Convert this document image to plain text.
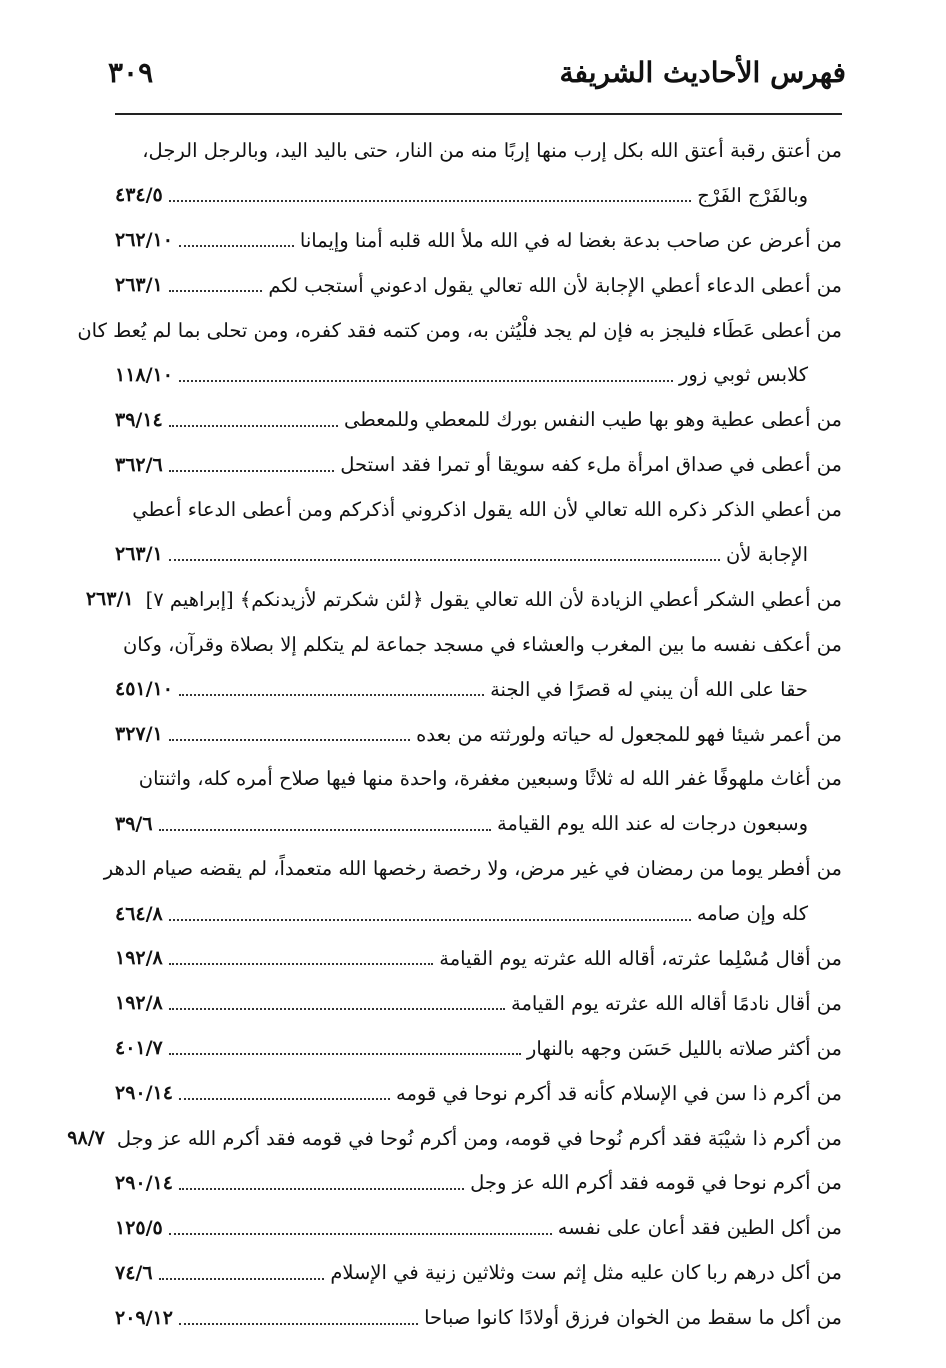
فهرس الأحاديث الشريفة
٣٠٩
من أعتق رقبة أعتق الله بكل إرب منها إربًا منه من النار، حتى باليد اليد، وبالرجل الرجل،
وبالفَرْج الفَرْج
٤٣٤/٥
من أعرض عن صاحب بدعة بغضا له في الله ملأ الله قلبه أمنا وإيمانا
٢٦٢/١٠
من أعطى الدعاء أعطي الإجابة لأن الله تعالي يقول ادعوني أستجب لكم
٢٦٣/١
من أعطى عَطَاء فليجز به فإن لم يجد فلْيُثن به، ومن كتمه فقد كفره، ومن تحلى بما لم يُعط كان
كلابس ثوبي زور
١١٨/١٠
من أعطى عطية وهو بها طيب النفس بورك للمعطي وللمعطى
٣٩/١٤
من أعطى في صداق امرأة ملء كفه سويقا أو تمرا فقد استحل
٣٦٢/٦
من أعطي الذكر ذكره الله تعالي لأن الله يقول اذكروني أذكركم ومن أعطى الدعاء أعطي
الإجابة لأن
٢٦٣/١
من أعطي الشكر أعطي الزيادة لأن الله تعالي يقول ﴿لئن شكرتم لأزيدنكم﴾ [إبراهيم ٧]
٢٦٣/١
من أعكف نفسه ما بين المغرب والعشاء في مسجد جماعة لم يتكلم إلا بصلاة وقرآن، وكان
حقا على الله أن يبني له قصرًا في الجنة
٤٥١/١٠
من أعمر شيئا فهو للمجعول له حياته ولورثته من بعده
٣٢٧/١
من أغاث ملهوفًا غفر الله له ثلاثًا وسبعين مغفرة، واحدة منها فيها صلاح أمره كله، واثنتان
وسبعون درجات له عند الله يوم القيامة
٣٩/٦
من أفطر يوما من رمضان في غير مرض، ولا رخصة رخصها الله متعمداً، لم يقضه صيام الدهر
كله وإن صامه
٤٦٤/٨
من أقال مُسْلِما عثرته، أقاله الله عثرته يوم القيامة
١٩٢/٨
من أقال نادمًا أقاله الله عثرته يوم القيامة
١٩٢/٨
من أكثر صلاته بالليل حَسَن وجهه بالنهار
٤٠١/٧
من أكرم ذا سن في الإسلام كأنه قد أكرم نوحا في قومه
٢٩٠/١٤
من أكرم ذا شيْبَة فقد أكرم نُوحا في قومه، ومن أكرم نُوحا في قومه فقد أكرم الله عز وجل
٩٨/٧
من أكرم نوحا في قومه فقد أكرم الله عز وجل
٢٩٠/١٤
من أكل الطين فقد أعان على نفسه
١٢٥/٥
من أكل درهم ربا كان عليه مثل إثم ست وثلاثين زنية في الإسلام
٧٤/٦
من أكل ما سقط من الخوان فرزق أولادًا كانوا صباحا
٢٠٩/١٢
